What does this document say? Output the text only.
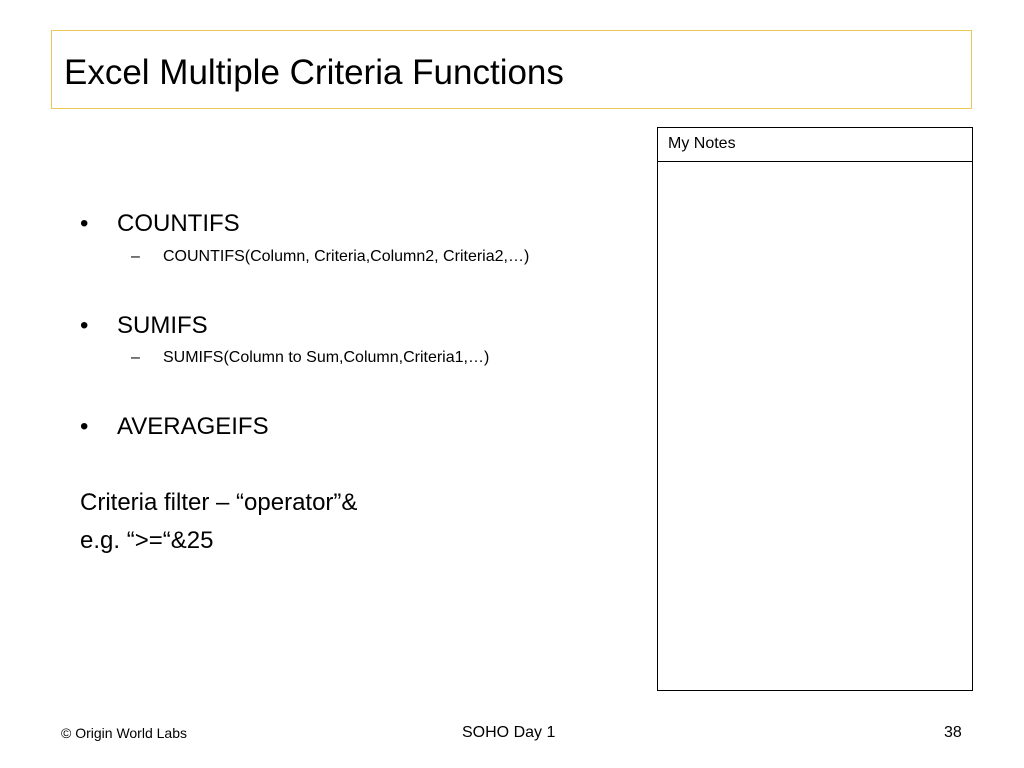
Excel Multiple Criteria Functions
• COUNTIFS
– COUNTIFS(Column, Criteria,Column2, Criteria2,…)
• SUMIFS
– SUMIFS(Column to Sum,Column,Criteria1,…)
• AVERAGEIFS
Criteria filter – “operator”&
e.g. “>=“&25
My Notes
© Origin World Labs	SOHO Day 1	38
